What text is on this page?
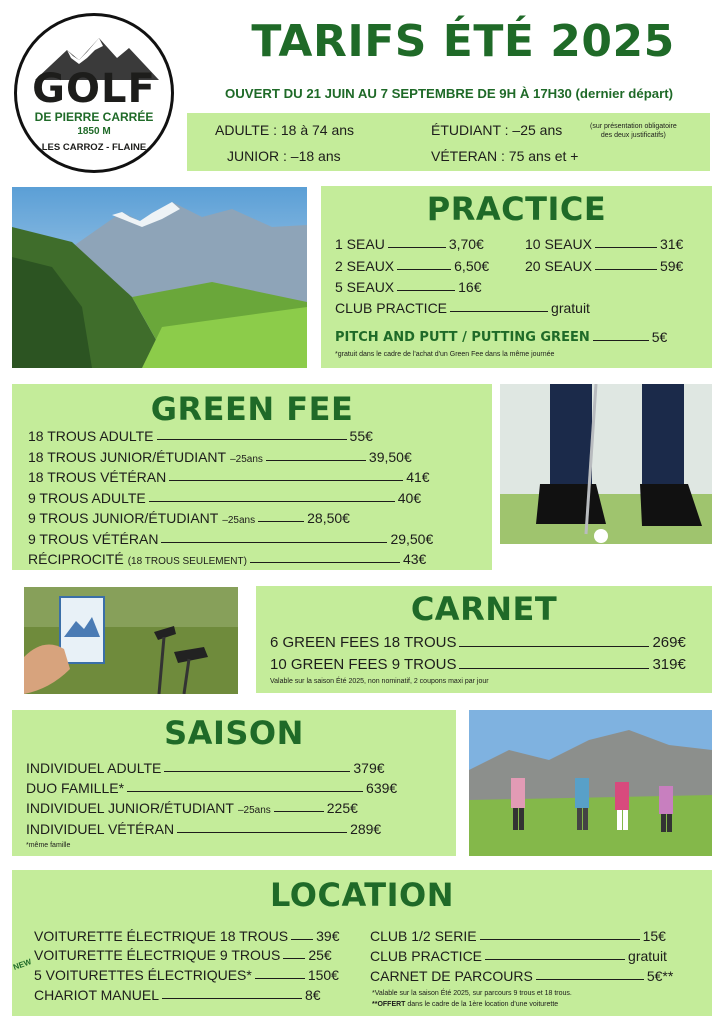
GOLF
DE PIERRE CARRÉE
1850 M
LES CARROZ - FLAINE
TARIFS ÉTÉ 2025
OUVERT DU 21 JUIN AU 7 SEPTEMBRE DE 9H À 17H30 (dernier départ)
ADULTE : 18 à 74 ans
JUNIOR : –18 ans
ÉTUDIANT : –25 ans	(sur présentation obligatoire
des deux justificatifs)
VÉTERAN : 75 ans et +
PRACTICE
1 SEAU	3,70€	10 SEAUX	31€
2 SEAUX	6,50€	20 SEAUX	59€
5 SEAUX	16€
CLUB PRACTICE	gratuit
PITCH AND PUTT / PUTTING GREEN	5€
*gratuit dans le cadre de l'achat d'un Green Fee dans la même journée
GREEN FEE
18 TROUS ADULTE	55€
18 TROUS JUNIOR/ÉTUDIANT –25ans	39,50€
18 TROUS VÉTÉRAN	41€
9 TROUS ADULTE	40€
9 TROUS JUNIOR/ÉTUDIANT –25ans	28,50€
9 TROUS VÉTÉRAN	29,50€
RÉCIPROCITÉ (18 TROUS SEULEMENT)	43€
CARNET
6 GREEN FEES 18 TROUS	269€
10 GREEN FEES 9 TROUS	319€
Valable sur la saison Été 2025, non nominatif, 2 coupons maxi par jour
SAISON
INDIVIDUEL ADULTE	379€
DUO FAMILLE*	639€
INDIVIDUEL JUNIOR/ÉTUDIANT –25ans	225€
INDIVIDUEL VÉTÉRAN	289€
*même famille
LOCATION
VOITURETTE ÉLECTRIQUE 18 TROUS 39€
NEW
VOITURETTE ÉLECTRIQUE 9 TROUS 25€
5 VOITURETTES ÉLECTRIQUES*	150€
CHARIOT MANUEL	8€
CLUB 1/2 SERIE	15€
CLUB PRACTICE	gratuit
CARNET DE PARCOURS	5€**
*Valable sur la saison Été 2025, sur parcours 9 trous et 18 trous.
**OFFERT dans le cadre de la 1ère location d'une voiturette
